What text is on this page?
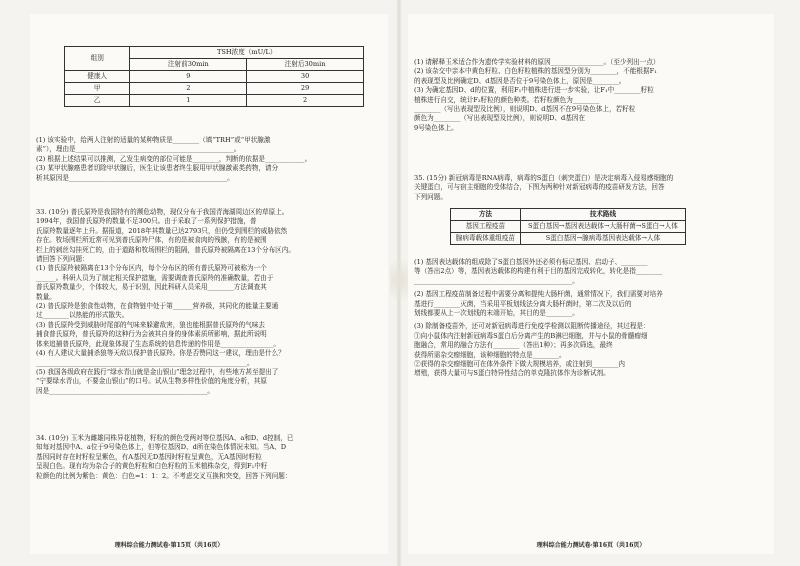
组别	TSH浓度（mU/L）	
	注射前30min	注射后30min
健康人	9	30
甲	2	29
乙	1	2

(1) 该实验中，给两人注射的适量的某种物质是________（填“TRH”或“甲状腺激

素”），理由是________________________________________________。

(2) 根据上述结果可以推测，乙发生病变的部位可能是________，判断的依据是____________。

(3) 某甲状腺癌患者切除甲状腺后，医生让该患者终生服用甲状腺激素类药物，请分

析其原因是________________________________________________。

33. (10分) 普氏原羚是我国特有的濒危动物，现仅分布于我国青海湖周边区的草原上。

1994年，我国普氏原羚的数量不足300只。由于采取了一系列保护措施，普

氏原羚数量逐年上升。据报道，2018年其数量已达2793只，但仍受到围栏的威胁依然

存在。牧场围栏所近常可见到普氏原羚尸体，有的是被食肉的残骸，有的是被围

栏上的刺丝勾挂死亡的，由于道路和牧场围栏的阻隔，普氏原羚被隔离在13个分布区内。

请回答下列问题：

(1) 普氏原羚被隔离在13个分布区内，每个分布区的所有普氏原羚可被称为一个

______。科研人员为了制定相关保护措施，需要调查普氏原羚的准确数量，若由于

普氏原羚数量少，个体较大，易于识别，因此科研人员采用________方法调查其

数量。

(2) 普氏原羚是独食性动物，在食物链中处于第______营养级，其同化的能量主要通

过________以热能的形式散失。

(3) 普氏原羚受到威胁时尾部的气味来躲避敌害，狼也能根据普氏原羚的气味去

捕食普氏原羚，普氏原羚的这种行为会被其自身的身体素质所影响，据此所说明

体来追捕普氏原羚，此现象体现了生态系统的信息传递的作用是________________。

(4) 有人建议大量捕杀狼等天敌以保护普氏原羚。你是否赞同这一建议，理由是什么？

________________________________________________________________。

(5) 我国各级政府在践行“绿水青山就是金山银山”理念过程中，有些地方甚至提出了

“宁要绿水青山，不要金山银山”的口号。试从生物多样性价值的角度分析，其原

因是________________________________________________。

34. (10分) 玉米为雌雄同株异花植物，籽粒的颜色受两对等位基因A、a和D、d控制，已

知每对基因中A、a位于9号染色体上，但等位基因D、d所在染色体情况未知。当A、D

基因同时存在时籽粒呈紫色，有A基因无D基因时籽粒呈黄色，无A基因时籽粒

呈现白色。现有均为杂合子的黄色籽粒和白色籽粒的玉米植株杂交，得到F₁中籽

粒颜色的比例为紫色：黄色：白色=1：1：2。不考虑交叉互换和突变，回答下列问题：

理科综合能力测试卷·第15页（共16页）

(1) 请解释玉米适合作为遗传学实验材料的原因________________。（至少列出一点）

(2) 该杂交中亲本中黄色籽粒、白色籽粒植株的基因型分别为________，不能根据F₁

的表现型及比例确定D、d基因是否位于9号染色体上，原因是________。

(3) 为确定基因D、d的位置，利用F₁中植株进行进一步实验，让F₁中________籽粒

植株进行自交，统计F₂籽粒的颜色种类。若籽粒颜色为________

________（写出表现型及比例），则说明D、d基因不在9号染色体上，若籽粒

颜色为________（写出表现型及比例），则说明D、d基因在

9号染色体上。

35. (15分) 新冠病毒是RNA病毒，病毒的S蛋白（刺突蛋白）是决定病毒入侵易感细胞的

关键蛋白，可与宿主细胞的受体结合，下图为两种针对新冠病毒的疫苗研发方法，回答

下列问题。

方法	技术路线
基因工程疫苗	S蛋白基因→基因表达载体→大肠杆菌→S蛋白→人体
腺病毒载体重组疫苗	S蛋白基因→腺病毒基因表达载体→人体

(1) 基因表达载体的组成除了S蛋白基因外还必须有标记基因、启动子、________

等（答出2点）等，基因表达载体的构建有利于目的基因完成转化，转化是指________

________________________________________________。

(2) 基因工程疫苗制备过程中需要分离和提纯大肠杆菌，通常情况下，我们需要对培养

基进行________灭菌，当采用平板划线法分离大肠杆菌时，第二次及以后的

划线都要从上一次划线的末端开始，其目的是________。

(3) 除制备疫苗外，还可对新冠病毒进行免疫学检测以阻断传播途径，其过程是：

①向小鼠体内注射新冠病毒S蛋白后分离产生的B淋巴细胞，并与小鼠的骨髓瘤细

胞融合，常用的融合方法有________（答出1种）；再多次筛选，最终

获得所需杂交瘤细胞，该种细胞的特点是________。

②获得的杂交瘤细胞可在体外条件下做大规模培养，或注射到________内

增殖，获得大量可与S蛋白特异性结合的单克隆抗体作为诊断试剂。

理科综合能力测试卷·第16页（共16页）
